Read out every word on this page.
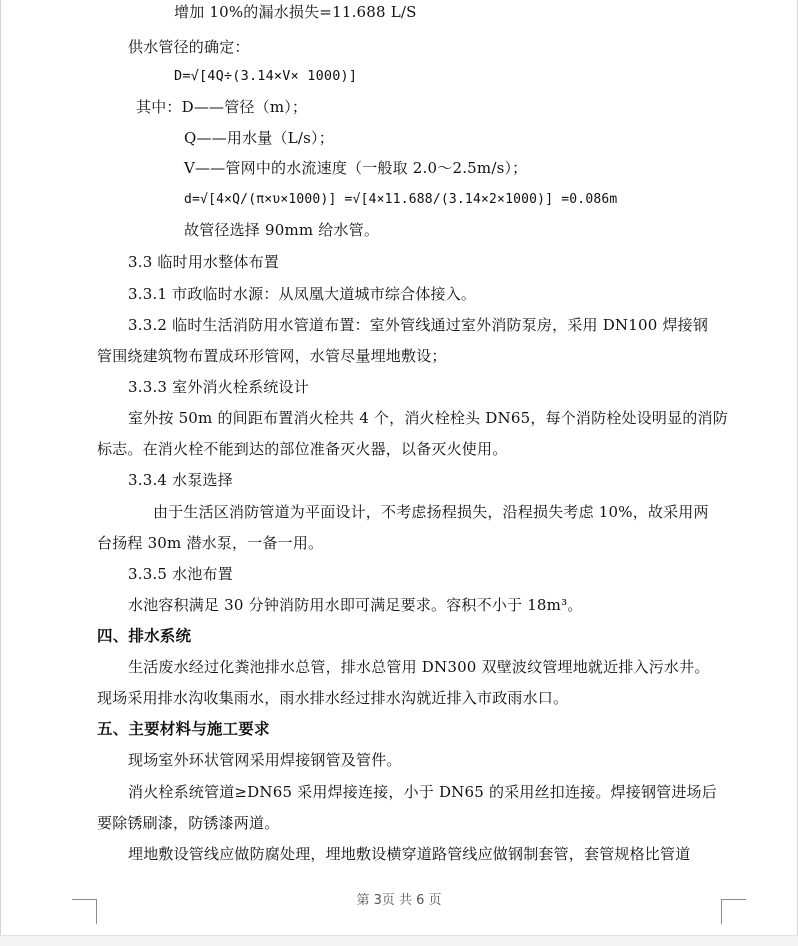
增加 10%的漏水损失=11.688 L/S
供水管径的确定：
D=√[4Q÷(3.14×V× 1000)]
其中：D——管径（m）；
Q——用水量（L/s）；
V——管网中的水流速度（一般取 2.0～2.5m/s）；
d=√[4×Q/(π×υ×1000)] =√[4×11.688/(3.14×2×1000)] =0.086m
故管径选择 90mm 给水管。
3.3 临时用水整体布置
3.3.1 市政临时水源：从凤凰大道城市综合体接入。
3.3.2 临时生活消防用水管道布置：室外管线通过室外消防泵房，采用 DN100 焊接钢
管围绕建筑物布置成环形管网，水管尽量埋地敷设；
3.3.3 室外消火栓系统设计
室外按 50m 的间距布置消火栓共 4 个，消火栓栓头 DN65，每个消防栓处设明显的消防
标志。在消火栓不能到达的部位准备灭火器，以备灭火使用。
3.3.4 水泵选择
由于生活区消防管道为平面设计，不考虑扬程损失，沿程损失考虑 10%，故采用两
台扬程 30m 潜水泵，一备一用。
3.3.5 水池布置
水池容积满足 30 分钟消防用水即可满足要求。容积不小于 18m³。
四、排水系统
生活废水经过化粪池排水总管，排水总管用 DN300 双壁波纹管埋地就近排入污水井。
现场采用排水沟收集雨水，雨水排水经过排水沟就近排入市政雨水口。
五、主要材料与施工要求
现场室外环状管网采用焊接钢管及管件。
消火栓系统管道≥DN65 采用焊接连接，小于 DN65 的采用丝扣连接。焊接钢管进场后
要除锈刷漆，防锈漆两道。
埋地敷设管线应做防腐处理，埋地敷设横穿道路管线应做钢制套管，套管规格比管道
第 3页 共 6 页
